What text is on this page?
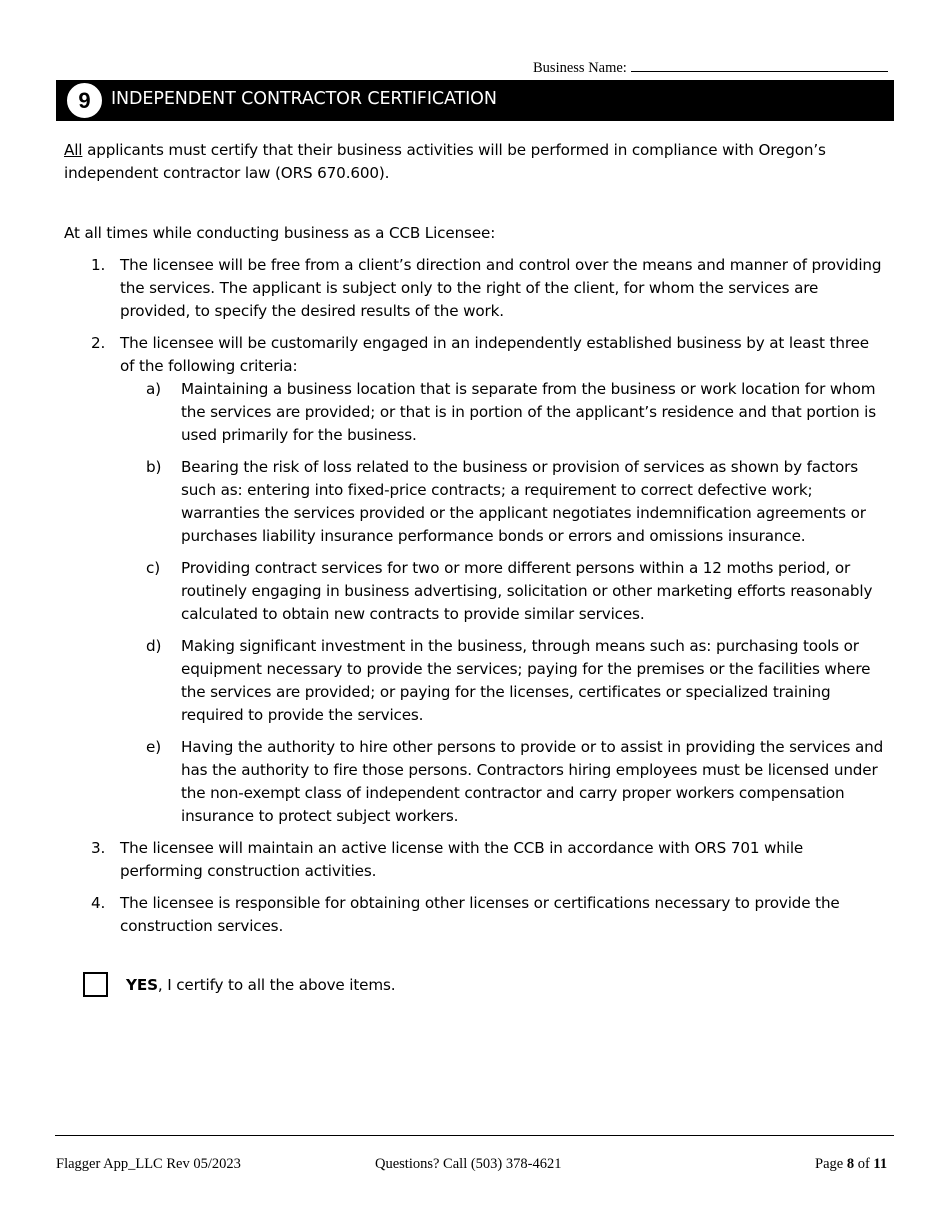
Business Name:
9	INDEPENDENT CONTRACTOR CERTIFICATION
All applicants must certify that their business activities will be performed in compliance with Oregon’s independent contractor law (ORS 670.600).
At all times while conducting business as a CCB Licensee:
1. The licensee will be free from a client’s direction and control over the means and manner of providing the services. The applicant is subject only to the right of the client, for whom the services are provided, to specify the desired results of the work.
2. The licensee will be customarily engaged in an independently established business by at least three of the following criteria:
a) Maintaining a business location that is separate from the business or work location for whom the services are provided; or that is in portion of the applicant’s residence and that portion is used primarily for the business.
b) Bearing the risk of loss related to the business or provision of services as shown by factors such as: entering into fixed-price contracts; a requirement to correct defective work; warranties the services provided or the applicant negotiates indemnification agreements or purchases liability insurance performance bonds or errors and omissions insurance.
c) Providing contract services for two or more different persons within a 12 moths period, or routinely engaging in business advertising, solicitation or other marketing efforts reasonably calculated to obtain new contracts to provide similar services.
d) Making significant investment in the business, through means such as: purchasing tools or equipment necessary to provide the services; paying for the premises or the facilities where the services are provided; or paying for the licenses, certificates or specialized training required to provide the services.
e) Having the authority to hire other persons to provide or to assist in providing the services and has the authority to fire those persons. Contractors hiring employees must be licensed under the non-exempt class of independent contractor and carry proper workers compensation insurance to protect subject workers.
3. The licensee will maintain an active license with the CCB in accordance with ORS 701 while performing construction activities.
4. The licensee is responsible for obtaining other licenses or certifications necessary to provide the construction services.
YES, I certify to all the above items.
Flagger App_LLC Rev 05/2023	Questions? Call (503) 378-4621	Page 8 of 11
